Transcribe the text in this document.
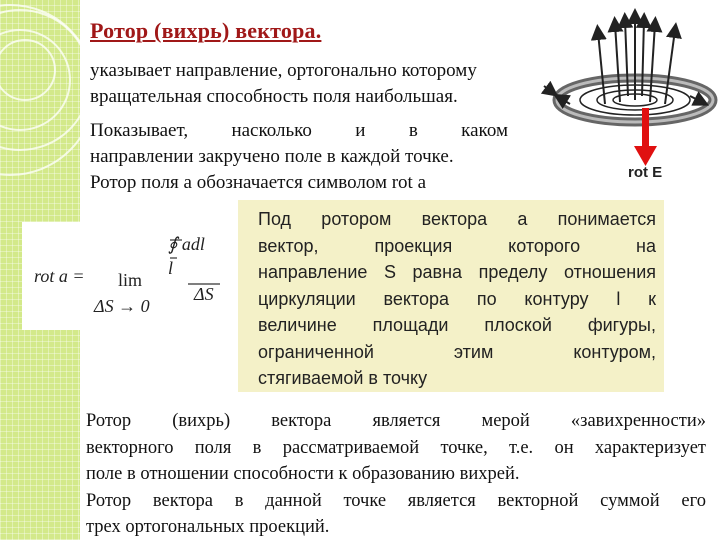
Ротор (вихрь) вектора.
указывает направление, ортогонально которому
вращательная способность поля наибольшая.
Показывает, насколько и в каком
направлении закручено поле в каждой точке.
Ротор поля a обозначается символом rot a	rot E
rot a =
∮ adl
l
lim
ΔS
ΔS → 0
Под ротором вектора a понимается
вектор, проекция которого на
направление S равна пределу отношения
циркуляции вектора по контуру l к
величине площади плоской фигуры,
ограниченной этим контуром,
стягиваемой в точку
Ротор (вихрь) вектора является мерой «завихренности»
векторного поля в рассматриваемой точке, т.е. он характеризует
поле в отношении способности к образованию вихрей.
Ротор вектора в данной точке является векторной суммой его
трех ортогональных проекций.
